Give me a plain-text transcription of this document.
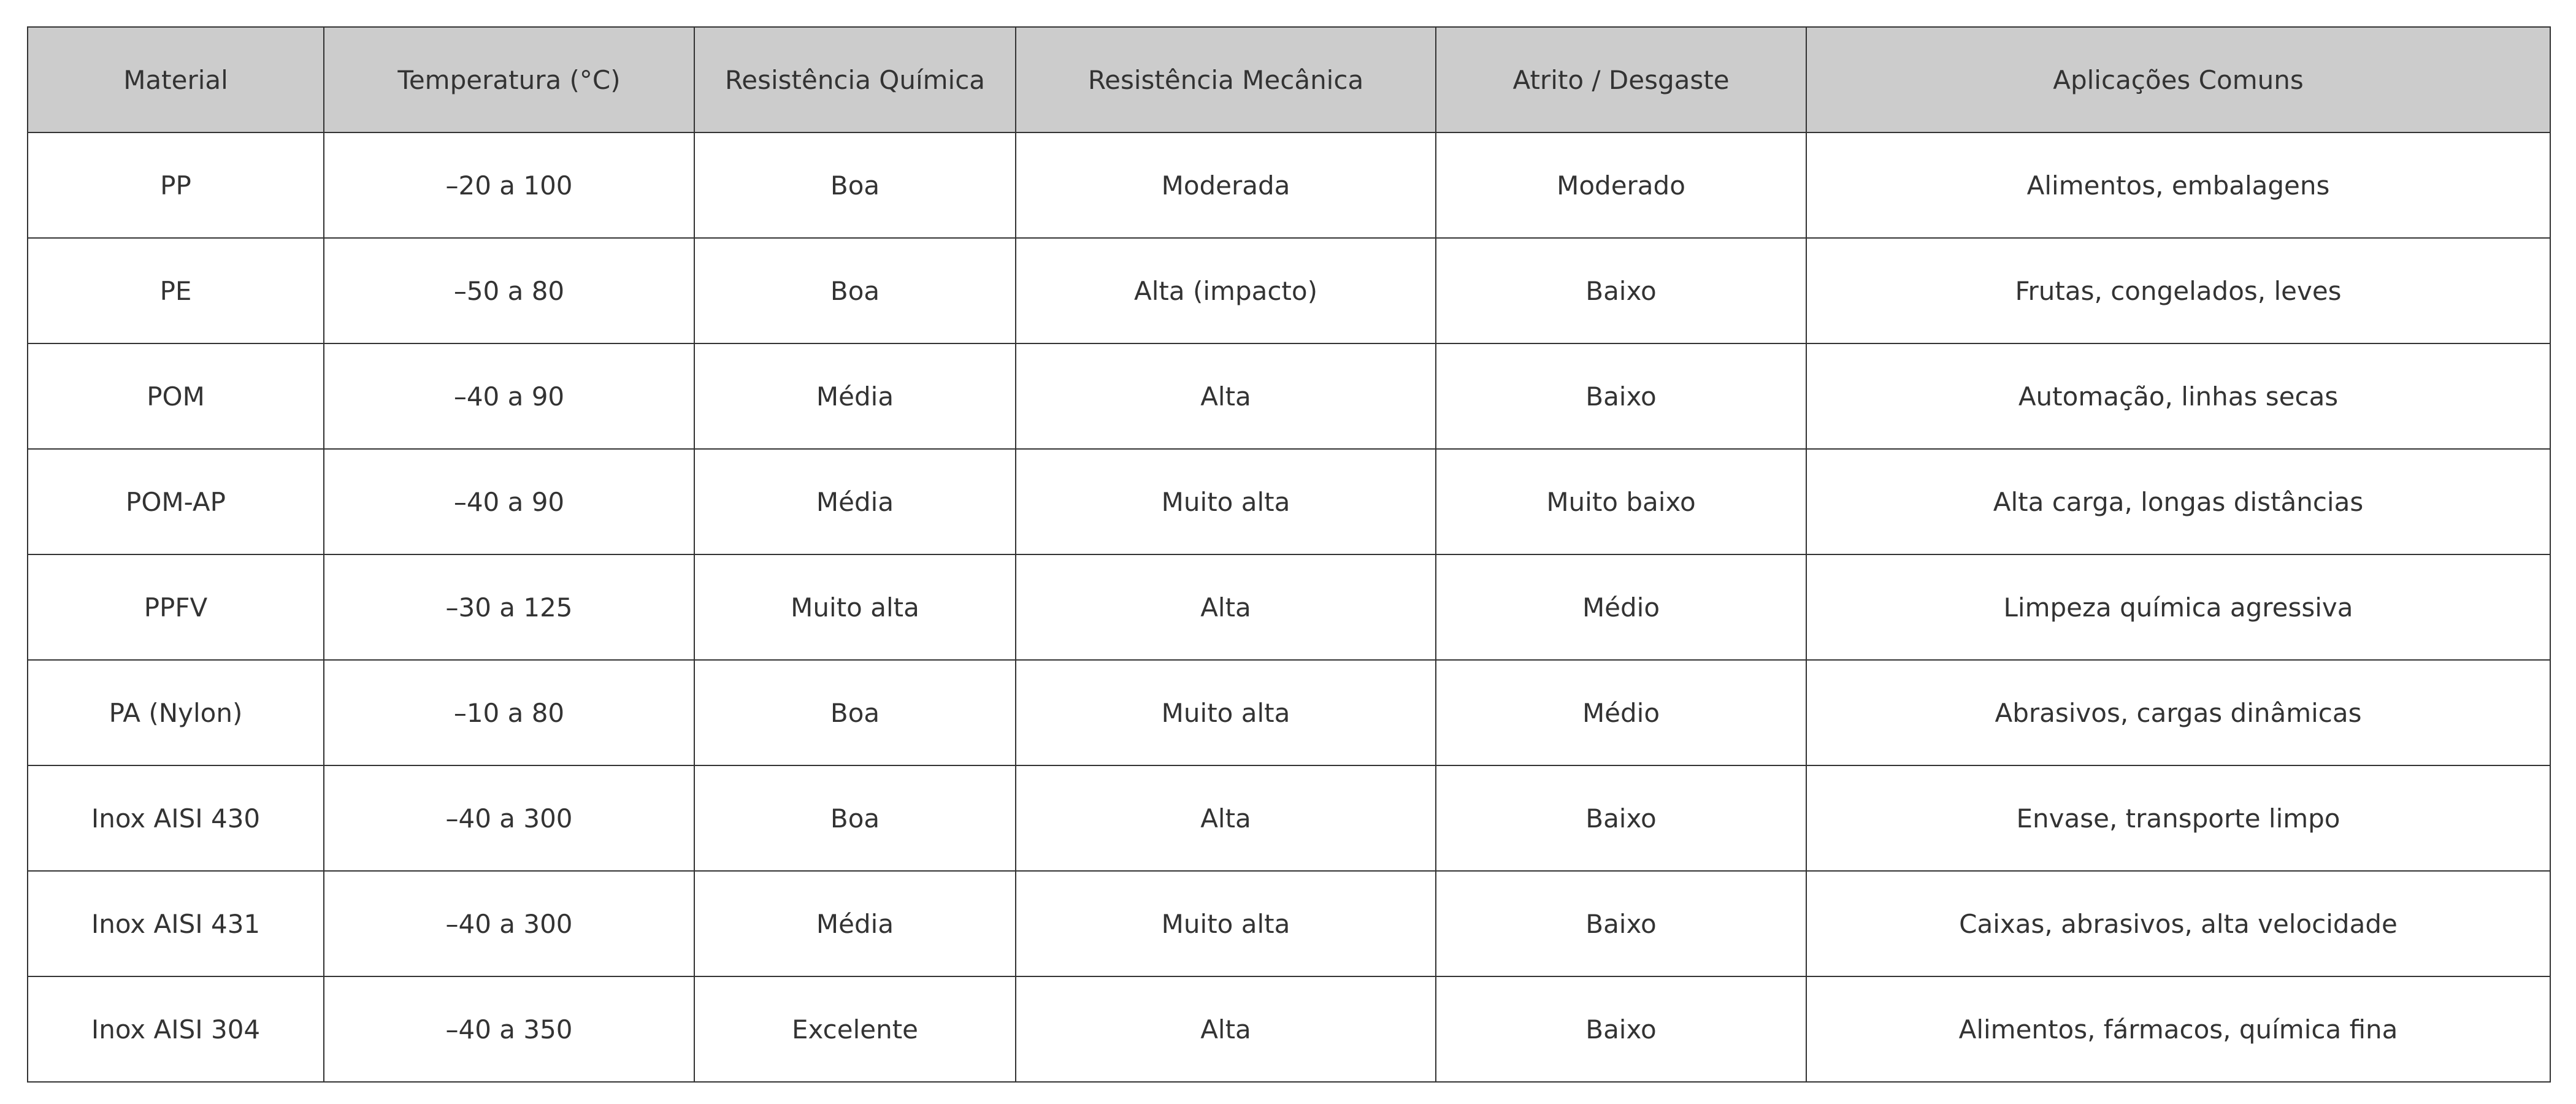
Material	Temperatura (°C)	Resistência Química	Resistência Mecânica	Atrito / Desgaste	Aplicações Comuns
PP	–20 a 100	Boa	Moderada	Moderado	Alimentos, embalagens
PE	–50 a 80	Boa	Alta (impacto)	Baixo	Frutas, congelados, leves
POM	–40 a 90	Média	Alta	Baixo	Automação, linhas secas
POM-AP	–40 a 90	Média	Muito alta	Muito baixo	Alta carga, longas distâncias
PPFV	–30 a 125	Muito alta	Alta	Médio	Limpeza química agressiva
PA (Nylon)	–10 a 80	Boa	Muito alta	Médio	Abrasivos, cargas dinâmicas
Inox AISI 430	–40 a 300	Boa	Alta	Baixo	Envase, transporte limpo
Inox AISI 431	–40 a 300	Média	Muito alta	Baixo	Caixas, abrasivos, alta velocidade
Inox AISI 304	–40 a 350	Excelente	Alta	Baixo	Alimentos, fármacos, química fina
